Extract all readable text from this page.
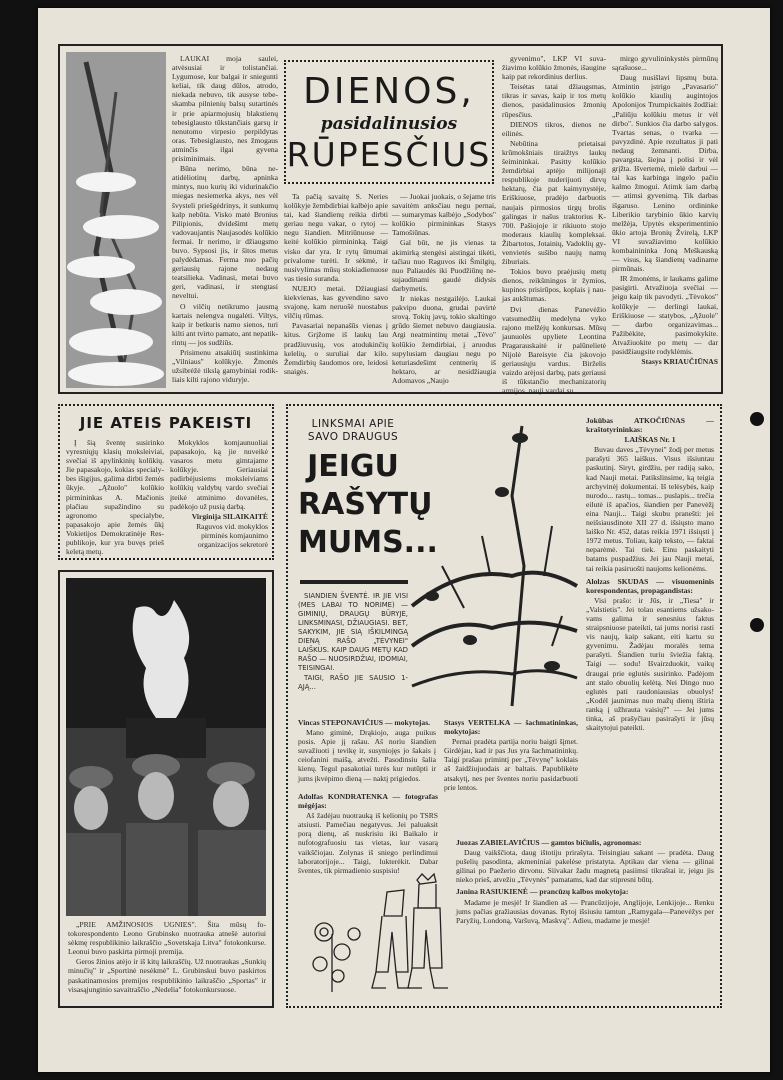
LAUKAI moja saulei, atvėsusiai ir tolistančiai. Lygumose, kur balgai ir sniegunti keliai, tik daug dūlos, atrodo, niekada nebuvo, tik ausyse tebeskamba pilnienių balsų sutartinės ir prie apiarmojusių blakstienų tebesiglausto tūkstančiais garsų ir nenutomo virpesio perpildytas oras. Tebesiglausto, nes žmogaus atminčis ilgai gyvena prisiminimais.

Būna nerimo, būna neatidėliotinų darbų, apninka mintys, nuo kurių iki vidurinakčio miegas nesiemerka akys, nes vėl švysteli priešgėdrinys, it sunkumų kalp nebūta. Visko matė Bronius Pilipionis, dvidešimt metų vadovaujantis Naujasodės kolūkio fermai. Ir nerimo, ir džiaugsmo buvo. Sypsosi jis, ir šitos metus palydėdamas. Ferma nuo pačių geriausių rajone nedaug teatsilieka. Vadinasi, metai buvo geri, vadinasi, ir stengtasi neveltui.

O vilčių netikrumo jausmą kartais nelengva nugalėti. Viltys, kaip ir betkuris namo sienos, turi kilti ant tvirto pamato, ant nepatikrintų — jos sudžiūs.

Prisimenu atsakiūtį sustinkima „Vilniaus" kolūkyje. Žmonės užsibrėžė tikslą gamybiniai rodikliais kilti rajono viduryje.

DIENOS,
pasidalinusios
RŪPESČIUS

Ta pačią savaitę S. Neries kolūkyje žembdirbiai kalbėjo apie tai, kad šiandienų reikia dirbti geriau negu vakar, o rytoj — negu šiandien. Mitriūnuose — keitė kolūkio pirmininką. Taigi visko dar yra. Ir rytų ūmumai privalome turėti. Ir sėkmė, ir nusivylimas mūsų stokiadienuose vas tiesio suranda.

NUEJO metai. Džiaugiasi kiekvienas, kas gyvendino savo svajonę, kam neruošė nuostabus vilčių rūmas.

Pavasariai nepanašūs vienas į kitus. Grįžome iš laukų lau pradžiuvusių, vos atodukinčių kelelių, o suruliai dar kilo. Žemdirbių šaudomos ore, leidosi snaigės.

— Juokai juokais, o šejame tris savaitėm anksčiau negu pernai, — sumarymas kalbėjo „Sodybos" kolūkio pirmininkas Stasys Tamošiūnas.

Gal būt, ne jis vienas ta akimirką stengėsi aistingai tikėti, tačiau nuo Raguvos iki Šmilgių, nuo Paliaudės iki Puodžiūnų nesujaudinami gaudė didysis darbymetis.

Ir niekas nestgailėjo. Laukai pakvipo duona, grudai pavirtė srovą. Tokių javų, tokio skaltingo grūdo šiemet nebuvo daugiausia. Argi neatmintinų metai „Tėvo" kolūkio žemdirbiai, į aruodus supylusiam daugiau negu po keturiasdešimt centnerių iš hektaro, ar nesidžiaugia Adomavos „Naujo

gyvenimo", LKP VI suvažiavimo kolūkio žmonės, išaugine kaip pat rekordinius derlius.

Teisėtas tatai džiaugsmas, tikras ir savas, kaip ir tos metų dienos, pasidalinusios žmonių rūpesčius.

DIENOS tikros, dienos ne eilinės.

Nebūtina prietaisai krūmokšniais tiraižtys laukų šeimininkai. Pasitty kolūkio žemdirbiai aptėjo milijonaji respublikoje nuderijuoti dirvų hektarų, čia pat kaimynystėje, Eriškiuose, pradėjo darbuotis naujais pirmosios tirgų brolis galingas ir našus traktorius K-700. Pašiojoje ir rikiuoto stojo moderaus kiaulių kompleksai. Žibartotos, Jotainių, Vadoklių gyvenvietės sušibo naujų namų žiburiais.

Tokios buvo praėjusių metų dienos, reikšmingos ir žymios, kupinos prisirūpos, koplais į naujas aukštumas.

Dvi dienas Panevėžio vatsumedžių medelyna vyko rajono melžėjų konkursas. Mūsų jaunuolės upyliete Leontina Pragarauskaitė ir palūnelietė Nijolė Bareisyte čia įskovojo geriausiųju vardus. Birželis vaizdo arėjosi darbų, pats geriausi iš tūkstančio mechanizatorių armijos, nauji vardai su

mirgo gyvulininkystės pirmūnų sąrašuose...

Daug nusišlavi lipsmų buta. Atmintin įstrigo „Pavasario" kolūkio kiaulių augintojos Apolonijos Trumpickaitės žodžiai: „Paliūju kolūkiu metus ir vėl dirbo". Sunkios čia darbo salygos. Tvartas senas, o tvarka — pavyzdinė. Apie rezultatus ji pati nedaug žemnanti. Dirba, pavargsta, šiejna į polisi ir vėl grįžta. Išvertemė, mielė darbui — tai kas karbinga ingelo pačiu kalmo žmogui. Atimk iam darbą — atimsi gyvenimą. Tik darbas išgaruso. Lenino ordininke Liberikio tarybinio ūkio karvių melžėja, Upytės eksperimentinio ūkio artoja Bronių Žvirelą, LKP VI suvažiavimo kolūkio kombainininka Joną Meškauską — visus, ką šiandienų vadiname pirmūnais.

IR žmonėms, ir laukams galime pasigirti. Atvažiuoja svečiai — jeigu kaip tik pavodyti. „Tėvokos" kolūkyje — derlingi laukai, Eriškiuose — statybos, „Ąžuole" — darbo organizavimas... Pažibėkite, pasimokykite. Atvažiuokite po metų — dar pasidžiaugsite rodyklėmis.

Stasys KRIAUČIŪNAS

JIE ATEIS PAKEISTI

Į šią šventę susirinko vyresniųjų klasių moksleiviai, svečiai iš apylinkinių kolūkių. Jie papasakojo, kokias specialybes išigijus, galima dirbti žemės ūkyje. „Ąžuolo" kolūkio pirmininkas A. Mačionis plačiau supažindino su agronomo specialybe, papasakojo apie žemės ūkį Vokietijos Demokratinėje Respublikoje, kur yra buvęs prieš keletą metų.

Mokyklos komjaunuoliai papasakojo, ką jie nuveikė vasaros metu gimtajame kolūkyje. Geriausiai padirbėjusiems moksleiviams kolūkių valdybų vardo svečiai įteikė atminimo dovanėles, padėkojo už pusią darbą.

Virginija SILAIKAITĖ

Raguvos vid. mokyklos pirminės komjaunimo organizacijos sekretorė

„PRIE AMŽINOSIOS UGNIES". Šita mūsų fotokorespondento Leono Grubinsko nuotrauka atnešė autoriui sėkmę respublikinio laikraščio „Sovetskaja Litva" fotokonkurse. Leonui buvo paskirta pirmoji premija.

Geros žinios atėjo ir iš kitų laikraščių. Už nuotraukas „Sunkių minučių" ir „Sportinė nesėkmė" L. Grubinskui buvo paskirtos paskatinamosios premijos respublikinio laikraščio „Sportas" ir visasąjunginio savaitraščio „Nedelia" fotokonkursuose.

LINKSMAI APIE SAVO DRAUGUS
JEIGU
RAŠYTŲ
MUMS...

SIANDIEN ŠVENTĖ. IR JIE VISI (MES LABAI TO NORIME) — GIMINIŲ, DRAUGŲ BŪRYJE, LINKSMINASI, DŽIAUGIASI. BET, SAKYKIM, JIE SIĄ IŠKILMINGĄ DIENĄ RAŠO „TĖVYNEI" LAIŠKUS. KAIP DAUG METŲ KAD RAŠO — NUOSIRDŽIAI, IDOMIAI, TEISINGAI.

TAIGI, RAŠO JIE SAUSIO 1-ĄJĄ...

Jokūbas ATKOČIŪNAS — kraštotyrininkas:

LAIŠKAS Nr. 1

Buvau daves „Tėvynei" žodį per metus parašyti 365 laiškus. Visus išsiuntau paskutinį. Siryt, girdžiu, per radiją sako, kad Nauji metai. Patikslinsime, ką teigia archyvinėj dokumentai. Iš telėsybės, kaip nurodo... rastų... tomas... puslapis... trečia eilutė iš apačios, šiandien per Panevėžį eina Nauji... Taigi skubu pranešti: jei neišsiausdinote XII 27 d. išsiųsto mano laiško Nr. 452, datas reikia 1971 išsiųsti į 1972 metus. Toliau, kaip teksto, — faktai neparėmė. Tai tiek. Einu paskaityti batams puspadžius. Jei jau Nauji metai, tai reikia pasiruošti naujoms kelionėms.

Alolzas SKUDAS — visuomeninis korespondentas, propagandistas:

Visi prašo: ir Jūs, ir „Tiesa" ir „Valstietis". Jei tolau esantiems užsakovams galima ir senesnius faktus straipsniuose pateikti, tai jums norisi rasti vis naujų, kaip sakant, eiti kartu su gyvenimu. Žadėjau moralės tema parašyti. Šiandien turiu šviežia faktą. Taigi — sodu! Išvairzduokit, vaikų draugai prie eglutės susirinko. Padėjom ant stalo obuolių kelėtą. Nei Dingo nuo eglutės pati raudoniausias obuolys! „Kodėl jaunimas nuo mažų dienų ištiria ranką į užhrauta vaisių?" — Jei jums tinka, aš prašyčiau pasirašyti ir jūsų skaitytojui pateikti.

Vincas STEPONAVIČIUS — mokytojas.

Mano giminė, Drąkiojo, auga puikus posis. Apie jį rašau. Aš noriu šiandien suvažiuoti į tevikę ir, susyniojęs jo šakais į ceiofanini maišą, atvežti. Pasodinsiu šalia kienų. Tegul pasakotiai turės kur nutūpti ir jums įkvėpimo dieną — naktį prigiedos.

Stasys VERTELKA — šachmatininkas, mokytojas:

Pernai pradėta partija noriu baigti šįmet. Girdėjau, kad ir pas Jus yra šachmatininkų. Taigi prašau primintį per „Tėvynę" koklais aš žaidžiujuodais ar baltais. Papublikėte atsakytį, nes per šventes noriu pasidarbuoti prie lentos.

Adolfas KONDRATENKA — fotografas mėgėjas:

Aš žadėjau nuotrauką iš kelionių po TSRS atsiusti. Pamečiau negatyvus. Jei paluaksit porą dienų, aš nuskrisiu iki Baikalo ir nufotografuosiu tas vietas, kur vasarą vaikščiojau. Zolynas iš sniego perlindimui laboratorijoje... Taigi, lukterėkit. Dabar šventes, tik pirmadienio suspisiu!

Juozas ZABIELAVIČIUS — gamtos bičiulis, agronomas:

Daug vaikščiota, daug ištotiju prirašyta. Teisingiau sakant — pradėta. Daug pušelių pasodinta, akmeniniai pakelėse pristatyta. Aptikau dar viena — gilinai gilinai po Paežerio dirvonu. Siivakar žadu magnetą pasiimsi tikraštai ir, jeigu jis nieko prieš, atvežiu „Tėvynės" pamatams, kad dar stipresni būtų.

Janina RASIUKIENĖ — prancūzų kalbos mokytoja:

Madame je mesjė! Ir šiandien aš — Prancūzijoje, Anglijoje, Lenkijoje... Renku jums pačias gražiausias dovanas. Rytoj išsiusiu tamtun „Ramygala—Panevėžys per Paryžių, Londoną, Varšuvą, Maskvą". Adieu, madame je mesjė!
